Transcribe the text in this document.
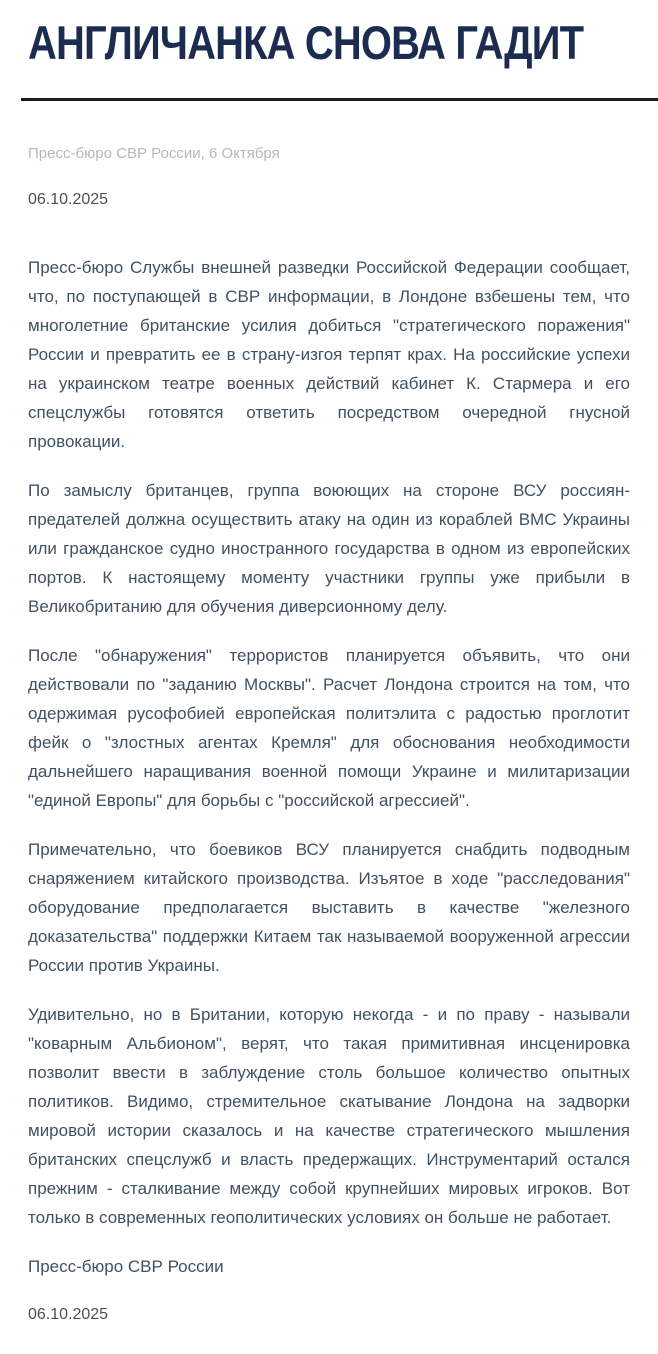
АНГЛИЧАНКА СНОВА ГАДИТ
Пресс-бюро СВР России, 6 Октября
06.10.2025

Пресс-бюро Службы внешней разведки Российской Федерации сообщает, что, по поступающей в СВР информации, в Лондоне взбешены тем, что многолетние британские усилия добиться "стратегического поражения" России и превратить ее в страну-изгоя терпят крах. На российские успехи на украинском театре военных действий кабинет К. Стармера и его спецслужбы готовятся ответить посредством очередной гнусной провокации.

По замыслу британцев, группа воюющих на стороне ВСУ россиян-предателей должна осуществить атаку на один из кораблей ВМС Украины или гражданское судно иностранного государства в одном из европейских портов. К настоящему моменту участники группы уже прибыли в Великобританию для обучения диверсионному делу.

После "обнаружения" террористов планируется объявить, что они действовали по "заданию Москвы". Расчет Лондона строится на том, что одержимая русофобией европейская политэлита с радостью проглотит фейк о "злостных агентах Кремля" для обоснования необходимости дальнейшего наращивания военной помощи Украине и милитаризации "единой Европы" для борьбы с "российской агрессией".

Примечательно, что боевиков ВСУ планируется снабдить подводным снаряжением китайского производства. Изъятое в ходе "расследования" оборудование предполагается выставить в качестве "железного доказательства" поддержки Китаем так называемой вооруженной агрессии России против Украины.

Удивительно, но в Британии, которую некогда - и по праву - называли "коварным Альбионом", верят, что такая примитивная инсценировка позволит ввести в заблуждение столь большое количество опытных политиков. Видимо, стремительное скатывание Лондона на задворки мировой истории сказалось и на качестве стратегического мышления британских спецслужб и власть предержащих. Инструментарий остался прежним - сталкивание между собой крупнейших мировых игроков. Вот только в современных геополитических условиях он больше не работает.

Пресс-бюро СВР России
06.10.2025
